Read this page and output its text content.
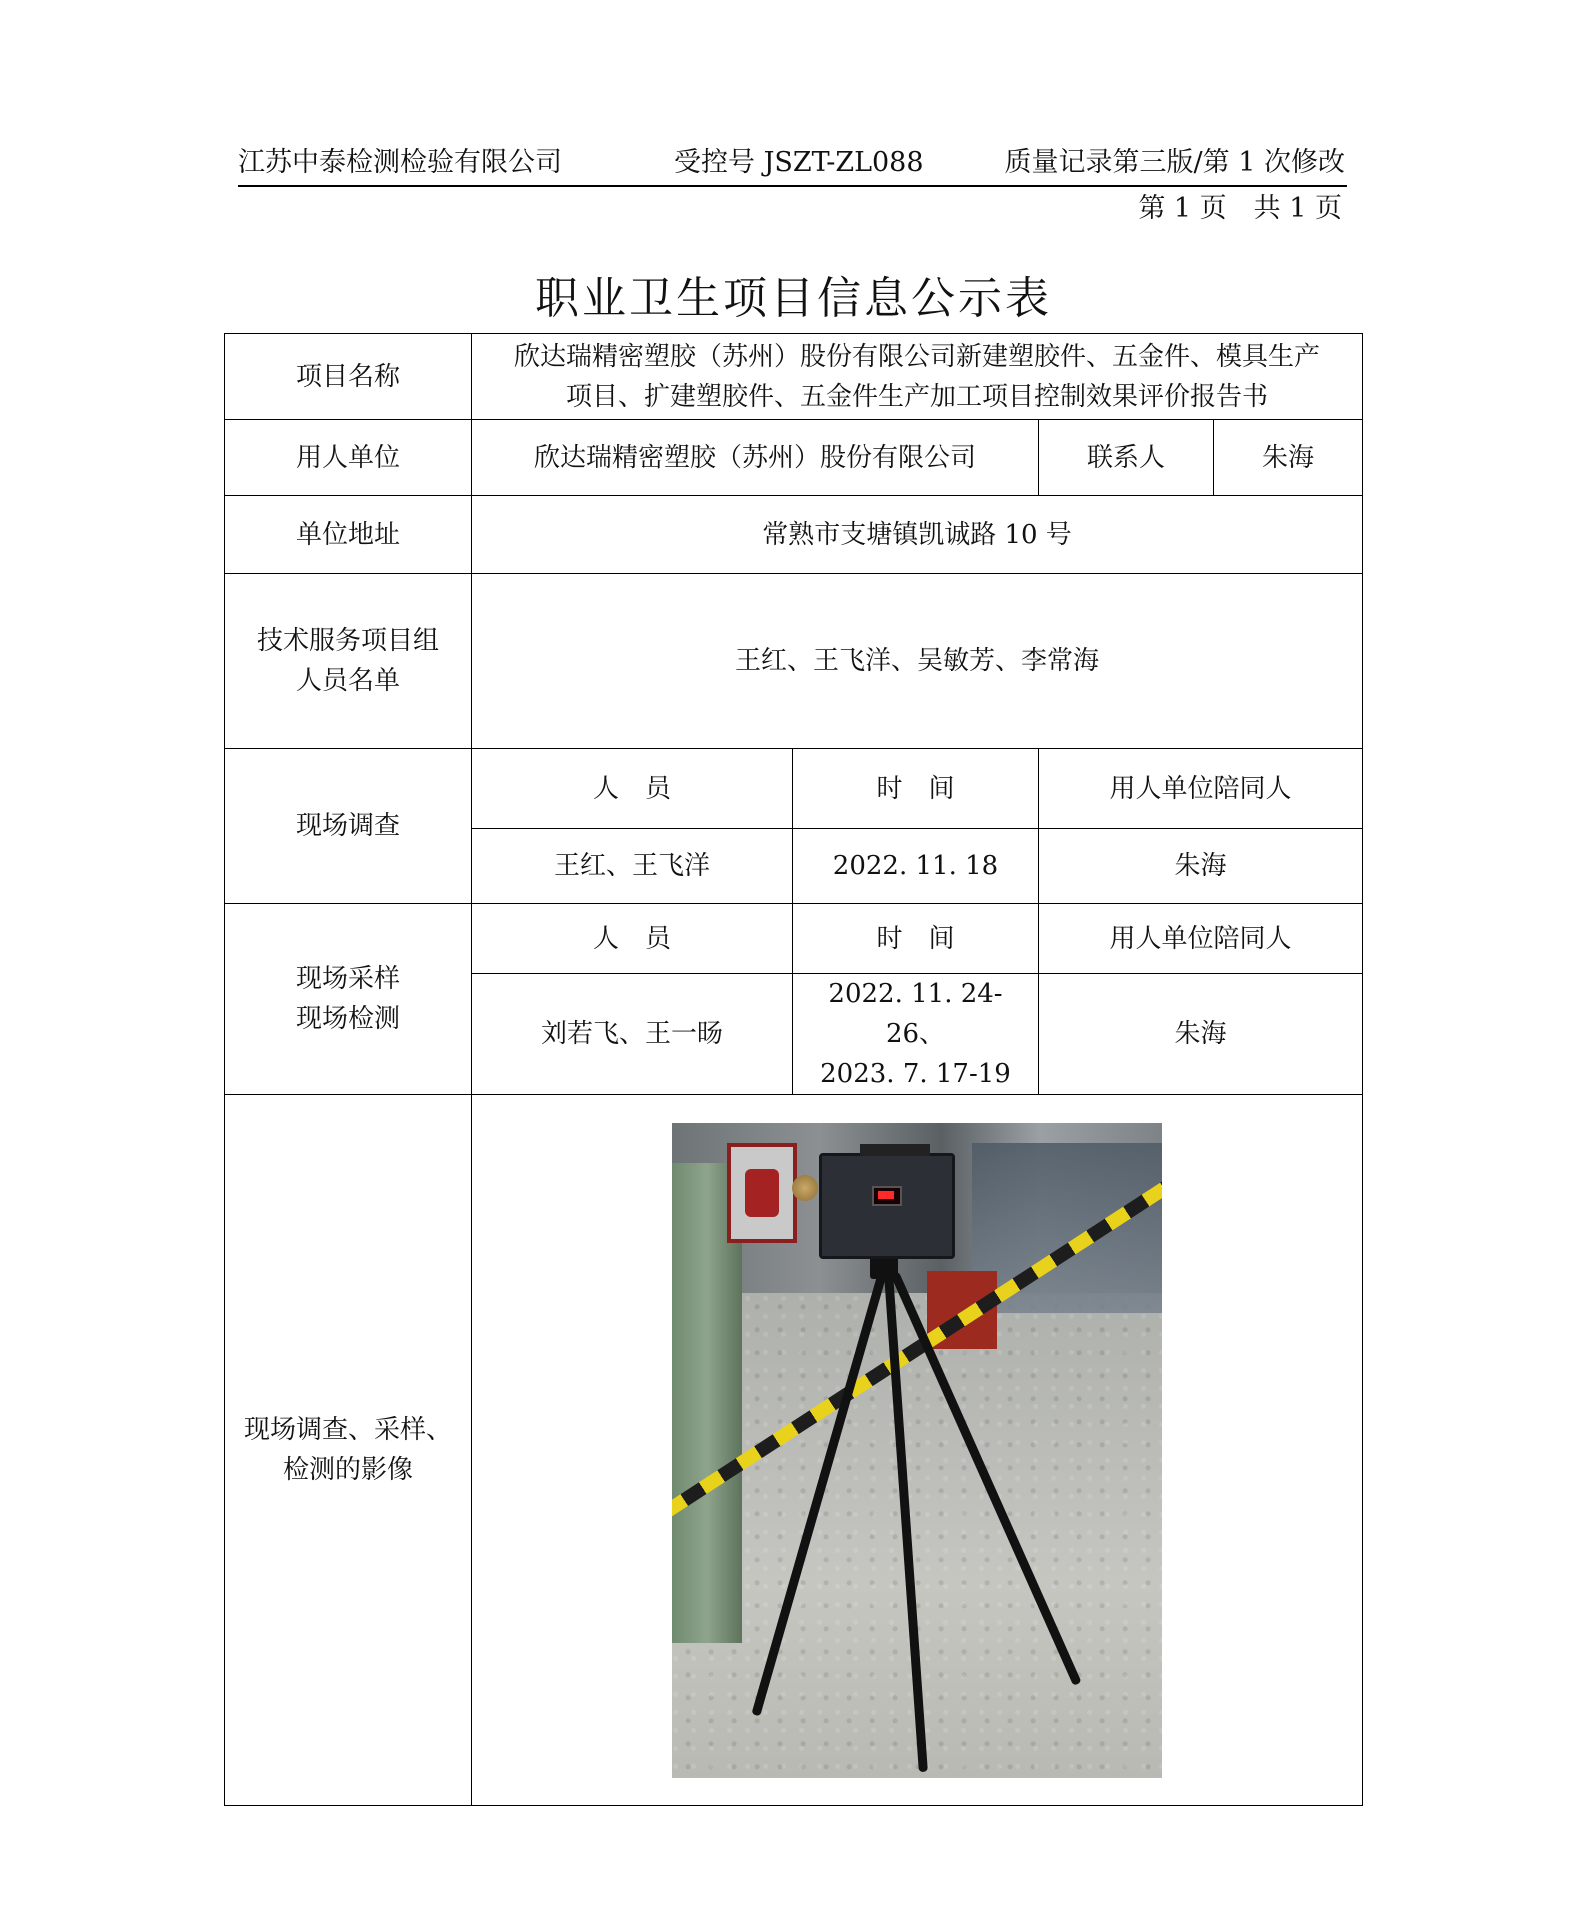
江苏中泰检测检验有限公司	受控号 JSZT-ZL088	质量记录第三版/第 1 次修改
第 1 页　共 1 页
职业卫生项目信息公示表
项目名称	欣达瑞精密塑胶（苏州）股份有限公司新建塑胶件、五金件、模具生产
项目、扩建塑胶件、五金件生产加工项目控制效果评价报告书			

用人单位	欣达瑞精密塑胶（苏州）股份有限公司		联系人	朱海
单位地址	常熟市支塘镇凯诚路 10 号			

技术服务项目组
人员名单	王红、王飞洋、吴敏芳、李常海			
现场调查	人　员	时　间	用人单位陪同人	
	王红、王飞洋	2022. 11. 18	朱海	

现场采样
现场检测	人　员	时　间	用人单位陪同人	
	刘若飞、王一旸	2022. 11. 24-26、
2023. 7. 17-19	朱海	

现场调查、采样、
检测的影像				
